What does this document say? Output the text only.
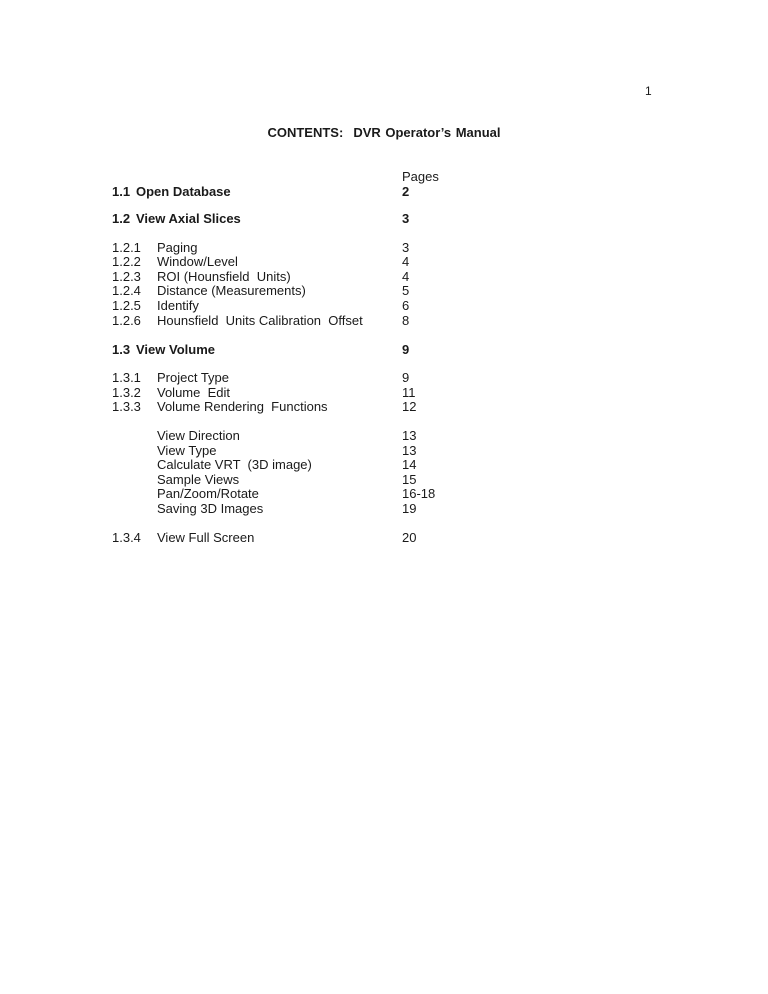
1
CONTENTS: DVR Operator’s Manual
Pages
1.1 Open Database	2
1.2 View Axial Slices	3
1.2.1 Paging	3
1.2.2 Window/Level	4
1.2.3 ROI (Hounsfield  Units)	4
1.2.4 Distance (Measurements)	5
1.2.5 Identify	6
1.2.6 Hounsfield  Units Calibration  Offset	8
1.3 View Volume	9
1.3.1 Project Type	9
1.3.2 Volume  Edit	11
1.3.3 Volume Rendering  Functions	12
View Direction	13
View Type	13
Calculate VRT  (3D image)	14
Sample Views	15
Pan/Zoom/Rotate	16-18
Saving 3D Images	19
1.3.4 View Full Screen	20
